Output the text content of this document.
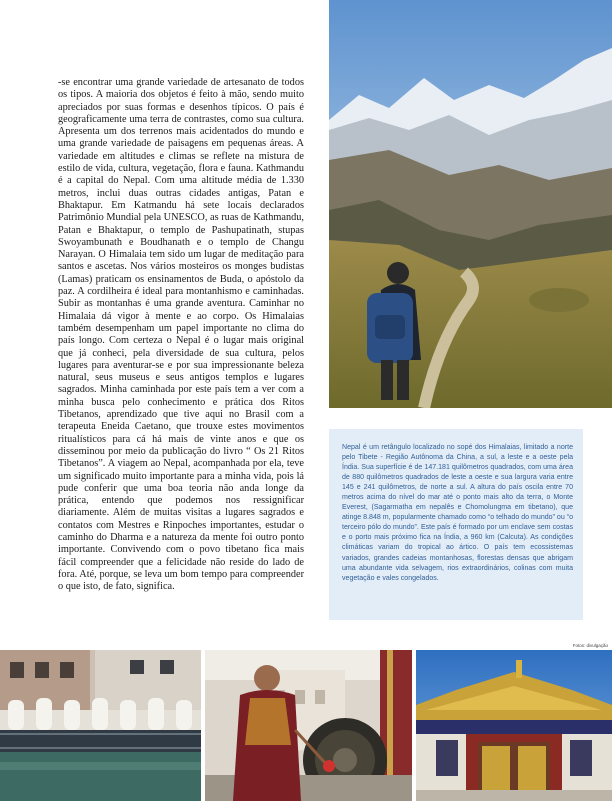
-se encontrar uma grande variedade de artesanato de todos os tipos. A maioria dos objetos é feito à mão, sendo muito apreciados por suas formas e desenhos típicos. O país é geograficamente uma terra de contrastes, como sua cultura. Apresenta um dos terrenos mais acidentados do mundo e uma grande variedade de paisagens em pequenas áreas. A variedade em altitudes e climas se reflete na mistura de estilo de vida, cultura, vegetação, flora e fauna. Kathmandu é a capital do Nepal. Com uma altitude média de 1.330 metros, inclui duas outras cidades antigas, Patan e Bhaktapur. Em Katmandu há sete locais declarados Patrimônio Mundial pela UNESCO, as ruas de Kathmandu, Patan e Bhaktapur, o templo de Pashupatinath, stupas Swoyambunath e Boudhanath e o templo de Changu Narayan. O Himalaia tem sido um lugar de meditação para santos e ascetas. Nos vários mosteiros os monges budistas (Lamas) praticam os ensinamentos de Buda, o apóstolo da paz. A cordilheira é ideal para montanhismo e caminhadas. Subir as montanhas é uma grande aventura. Caminhar no Himalaia dá vigor à mente e ao corpo. Os Himalaias também desempenham um papel importante no clima do país longo. Com certeza o Nepal é o lugar mais original que já conheci, pela diversidade de sua cultura, pelos lugares para aventurar-se e por sua impressionante beleza natural, seus museus e seus antigos templos e lugares sagrados. Minha caminhada por este país tem a ver com a minha busca pelo conhecimento e prática dos Ritos Tibetanos, aprendizado que tive aqui no Brasil com a terapeuta Eneida Caetano, que trouxe estes movimentos ritualísticos para cá há mais de vinte anos e que os disseminou por meio da publicação do livro “ Os 21 Ritos Tibetanos”. A viagem ao Nepal, acompanhada por ela, teve um significado muito importante para a minha vida, pois lá pude conferir que uma boa teoria não anda longe da prática, entendo que podemos nos ressignificar diariamente. Além de muitas visitas a lugares sagrados e contatos com Mestres e Rinpoches importantes, estudar o caminho do Dharma e a natureza da mente foi outro ponto importante. Convivendo com o povo tibetano fica mais fácil compreender que a felicidade não reside do lado de fora. Até, porque, se leva um bom tempo para compreender o que isto, de fato, significa.

Nepal é um retângulo localizado no sopé dos Himalaias, limitado a norte pelo Tibete - Região Autônoma da China, a sul, a leste e a oeste pela Índia. Sua superfície é de 147.181 quilômetros quadrados, com uma área de 880 quilômetros quadrados de leste a oeste e sua largura varia entre 145 e 241 quilômetros, de norte a sul. A altura do país oscila entre 70 metros acima do nível do mar até o ponto mais alto da terra, o Monte Everest, (Sagarmatha em nepalês e Chomolungma em tibetano), que atinge 8.848 m, popularmente chamado como “o telhado do mundo” ou “o terceiro pólo do mundo”. Este país é formado por um enclave sem costas e o porto mais próximo fica na Índia, a 960 km (Calcuta). As condições climáticas variam do tropical ao ártico. O país tem ecossistemas variados, grandes cadeias montanhosas, florestas densas que abrigam uma abundante vida selvagem, rios extraordinários, colinas com muita vegetação e vales congelados.

Fotos: divulgação
